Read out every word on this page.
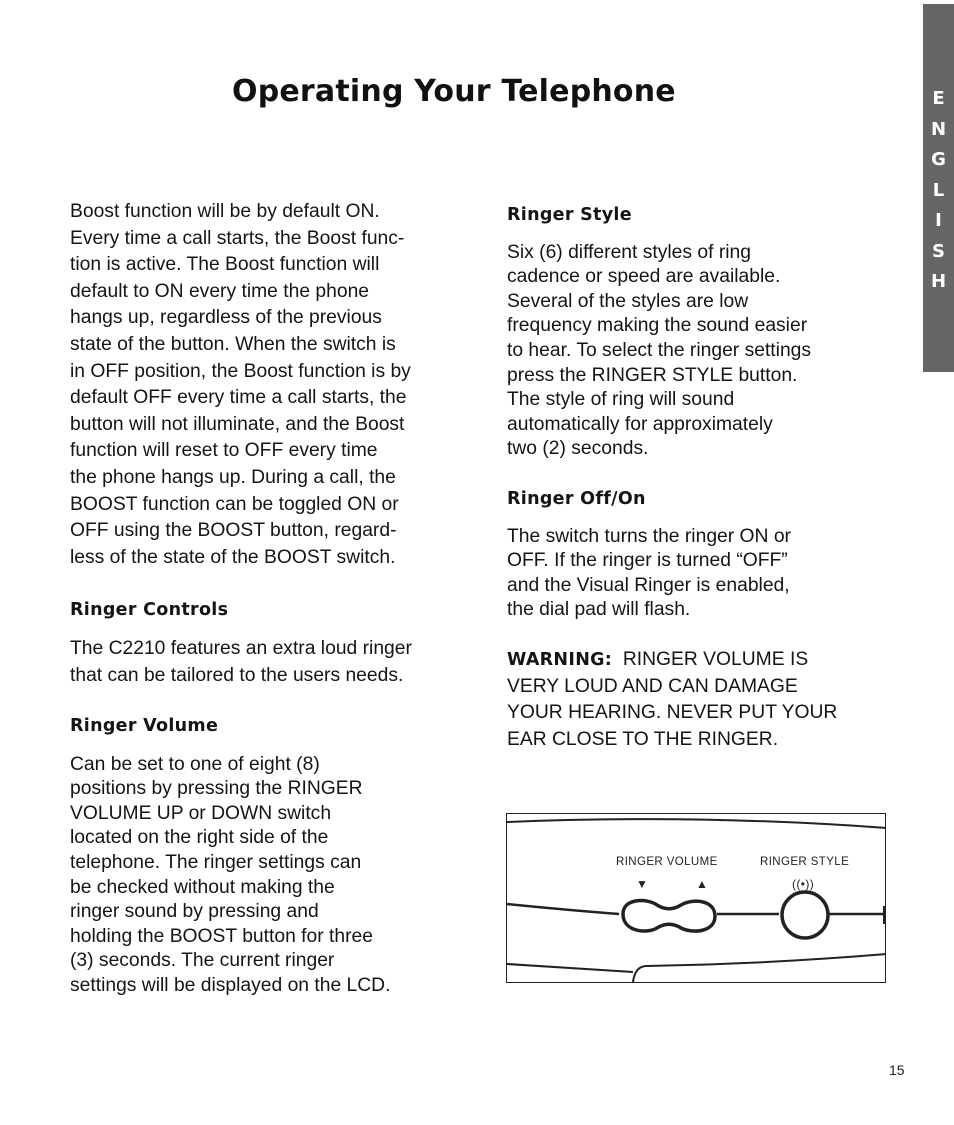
Operating Your Telephone	E
N
G
L
I
S
H

Boost function will be by default ON.
Every time a call starts, the Boost func-
tion is active. The Boost function will
default to ON every time the phone
hangs up, regardless of the previous
state of the button. When the switch is
in OFF position, the Boost function is by
default OFF every time a call starts, the
button will not illuminate, and the Boost
function will reset to OFF every time
the phone hangs up. During a call, the
BOOST function can be toggled ON or
OFF using the BOOST button, regard-
less of the state of the BOOST switch.

Ringer Controls

The C2210 features an extra loud ringer
that can be tailored to the users needs.

Ringer Volume

Can be set to one of eight (8)
positions by pressing the RINGER
VOLUME UP or DOWN switch
located on the right side of the
telephone. The ringer settings can
be checked without making the
ringer sound by pressing and
holding the BOOST button for three
(3) seconds. The current ringer
settings will be displayed on the LCD.

Ringer Style

Six (6) different styles of ring
cadence or speed are available.
Several of the styles are low
frequency making the sound easier
to hear. To select the ringer settings
press the RINGER STYLE button.
The style of ring will sound
automatically for approximately
two (2) seconds.

Ringer Off/On

The switch turns the ringer ON or
OFF. If the ringer is turned “OFF”
and the Visual Ringer is enabled,
the dial pad will flash.

WARNING: RINGER VOLUME IS
VERY LOUD AND CAN DAMAGE
YOUR HEARING. NEVER PUT YOUR
EAR CLOSE TO THE RINGER.

RINGER VOLUME	RINGER STYLE
▼	▲	((•))
15
